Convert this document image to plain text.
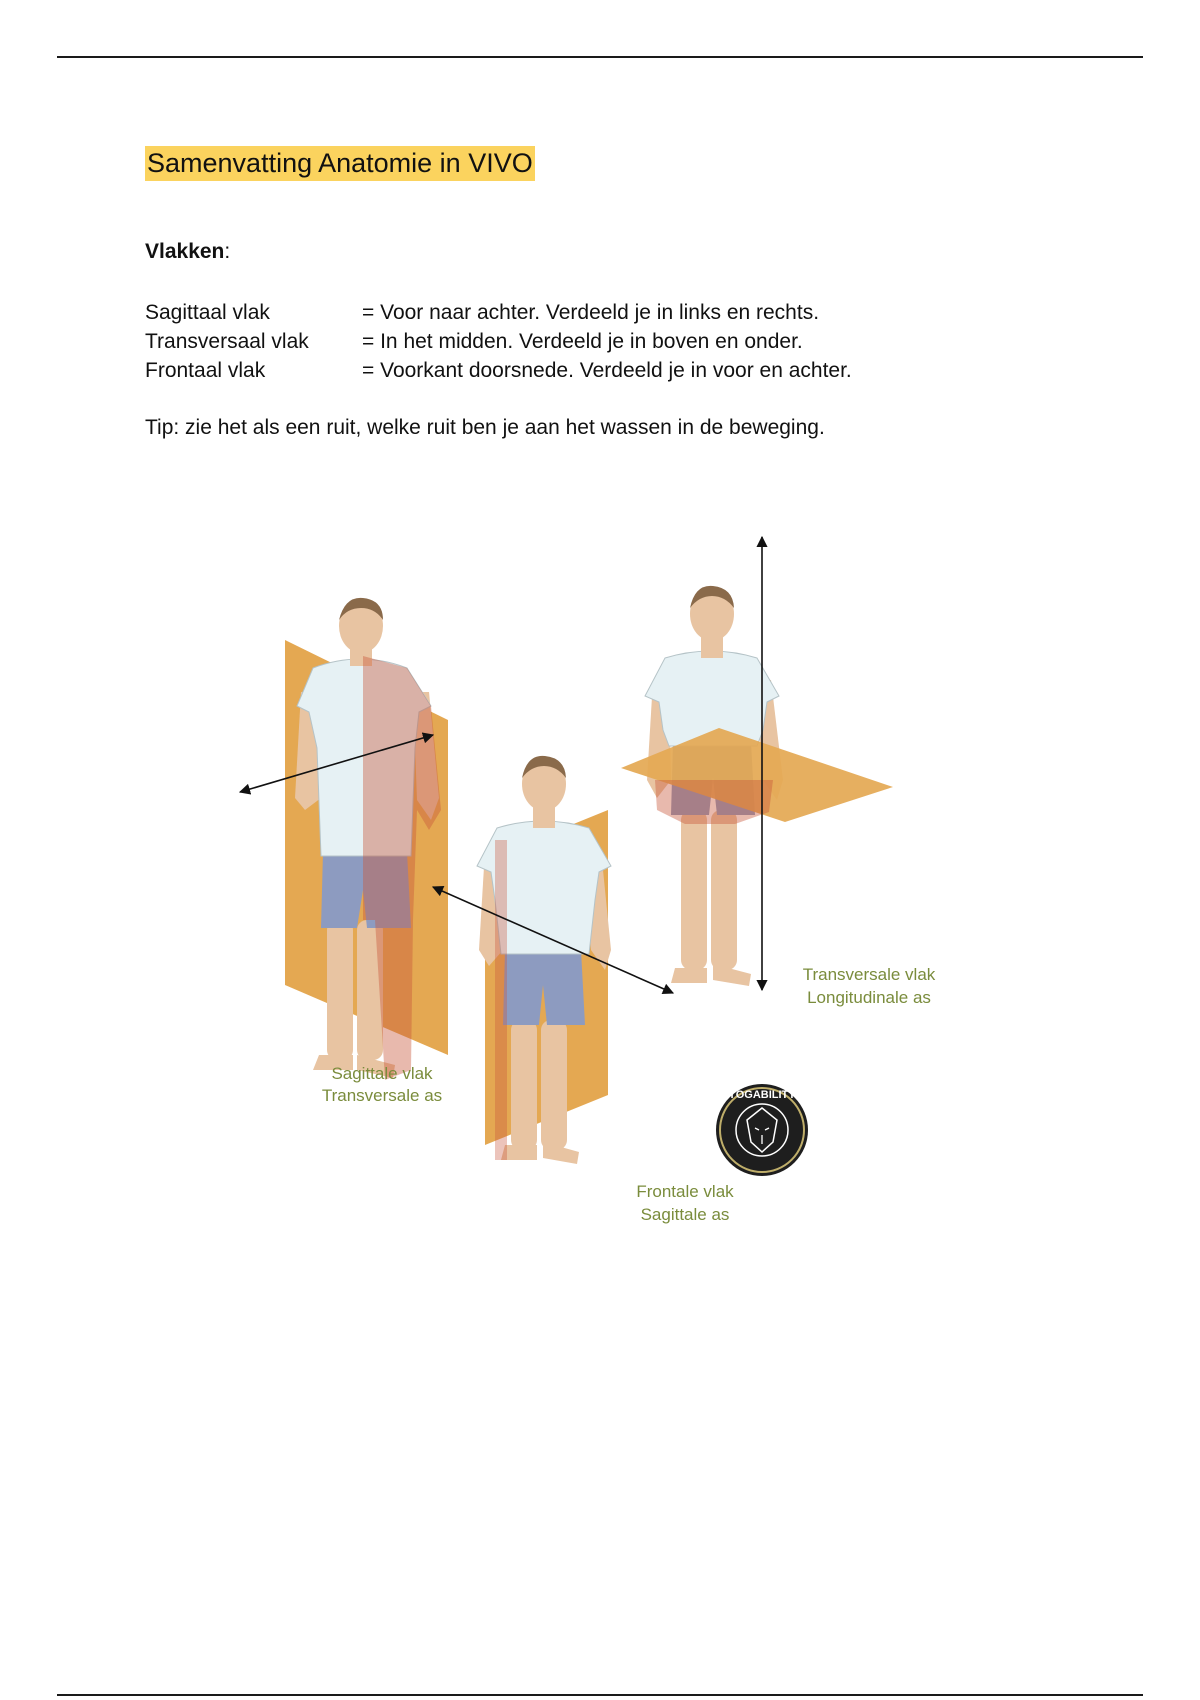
Samenvatting Anatomie in VIVO
Vlakken:
Sagittaal vlak	= Voor naar achter. Verdeeld je in links en rechts.
Transversaal vlak	= In het midden. Verdeeld je in boven en onder.
Frontaal vlak	= Voorkant doorsnede. Verdeeld je in voor en achter.
Tip: zie het als een ruit, welke ruit ben je aan het wassen in de beweging.
Sagittale vlak
Transversale as
Transversale vlak
Longitudinale as
Frontale vlak
Sagittale as
YOGABILITY
